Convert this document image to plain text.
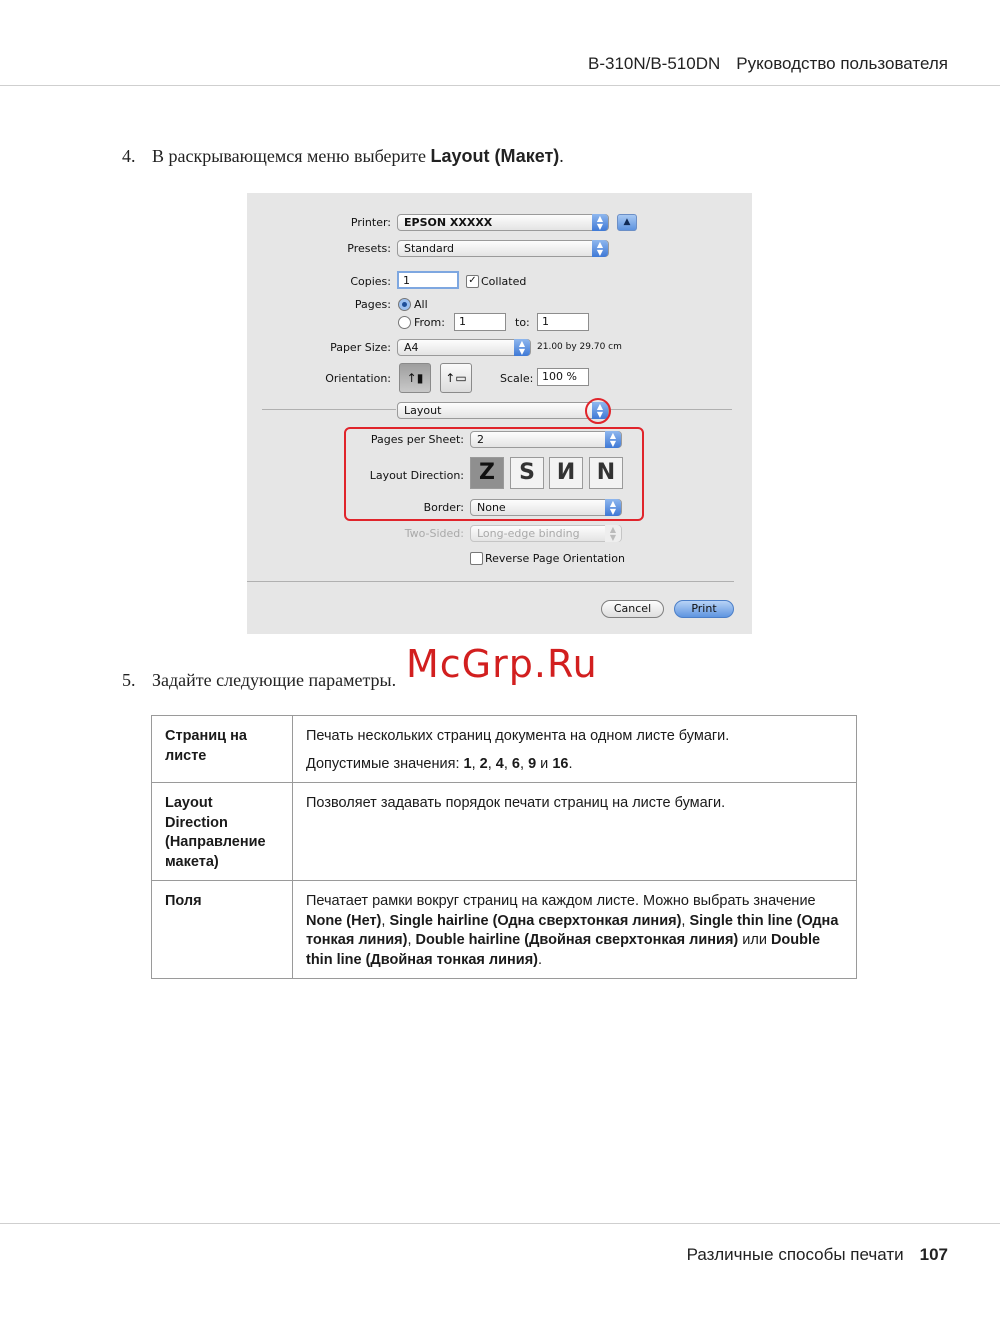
B-310N/B-510DN Руководство пользователя
4. В раскрывающемся меню выберите Layout (Макет).
Printer:	EPSON XXXXX	▲
▼	▲
Presets:	Standard	▲
▼
Copies:	1	✓ Collated
Pages: All
From:	1	to:	1
Paper Size:	A4	▲
▼	21.00 by 29.70 cm
Orientation:	↑▮	↑▭	Scale: 100 %
Layout	▲
▼
Pages per Sheet:	2	▲
▼
Layout Direction: Z	S N N
Border:	None	▲
▼
Two-Sided:	Long-edge binding	▲
▼
Reverse Page Orientation
Cancel	Print
5. Задайте следующие параметры. McGrp.Ru
Страниц на листе	Печать нескольких страниц документа на одном листе бумаги.

Допустимые значения: 1, 2, 4, 6, 9 и 16.

Layout Direction (Направление макета)	Позволяет задавать порядок печати страниц на листе бумаги.
Поля	Печатает рамки вокруг страниц на каждом листе. Можно выбрать значение None (Нет), Single hairline (Одна сверхтонкая линия), Single thin line (Одна тонкая линия), Double hairline (Двойная сверхтонкая линия) или Double thin line (Двойная тонкая линия).
Различные способы печати 107
